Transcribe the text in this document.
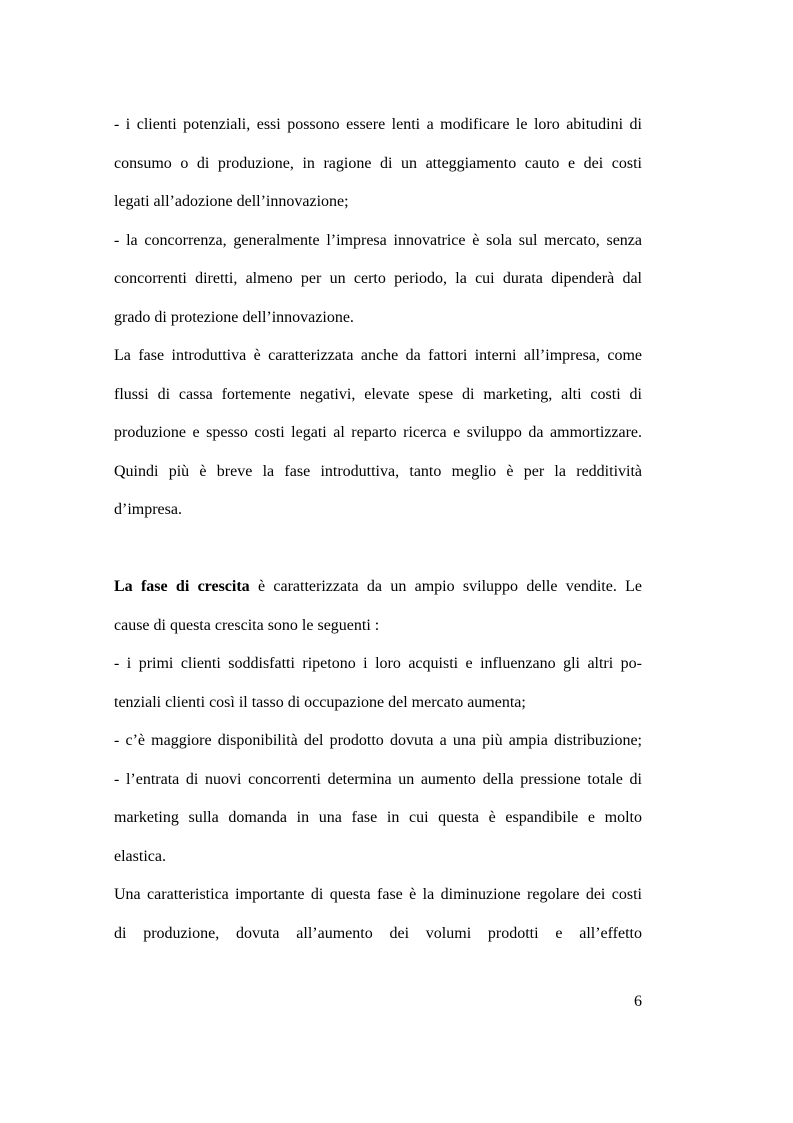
- i clienti potenziali, essi possono essere lenti a modificare le loro abitudini di
consumo o di produzione, in ragione di un atteggiamento cauto e dei costi
legati all’adozione dell’innovazione;
- la concorrenza, generalmente l’impresa innovatrice è sola sul mercato, senza
concorrenti diretti, almeno per un certo periodo, la cui durata dipenderà dal
grado di protezione dell’innovazione.
La fase introduttiva è caratterizzata anche da fattori interni all’impresa, come
flussi di cassa fortemente negativi, elevate spese di marketing, alti costi di
produzione e spesso costi legati al reparto ricerca e sviluppo da ammortizzare.
Quindi più è breve la fase introduttiva, tanto meglio è per la redditività
d’impresa.
La fase di crescita è caratterizzata da un ampio sviluppo delle vendite. Le
cause di questa crescita sono le seguenti :
- i primi clienti soddisfatti ripetono i loro acquisti e influenzano gli altri po-
tenziali clienti così il tasso di occupazione del mercato aumenta;
- c’è maggiore disponibilità del prodotto dovuta a una più ampia distribuzione;
- l’entrata di nuovi concorrenti determina un aumento della pressione totale di
marketing sulla domanda in una fase in cui questa è espandibile e molto
elastica.
Una caratteristica importante di questa fase è la diminuzione regolare dei costi
di produzione, dovuta all’aumento dei volumi prodotti e all’effetto
6
